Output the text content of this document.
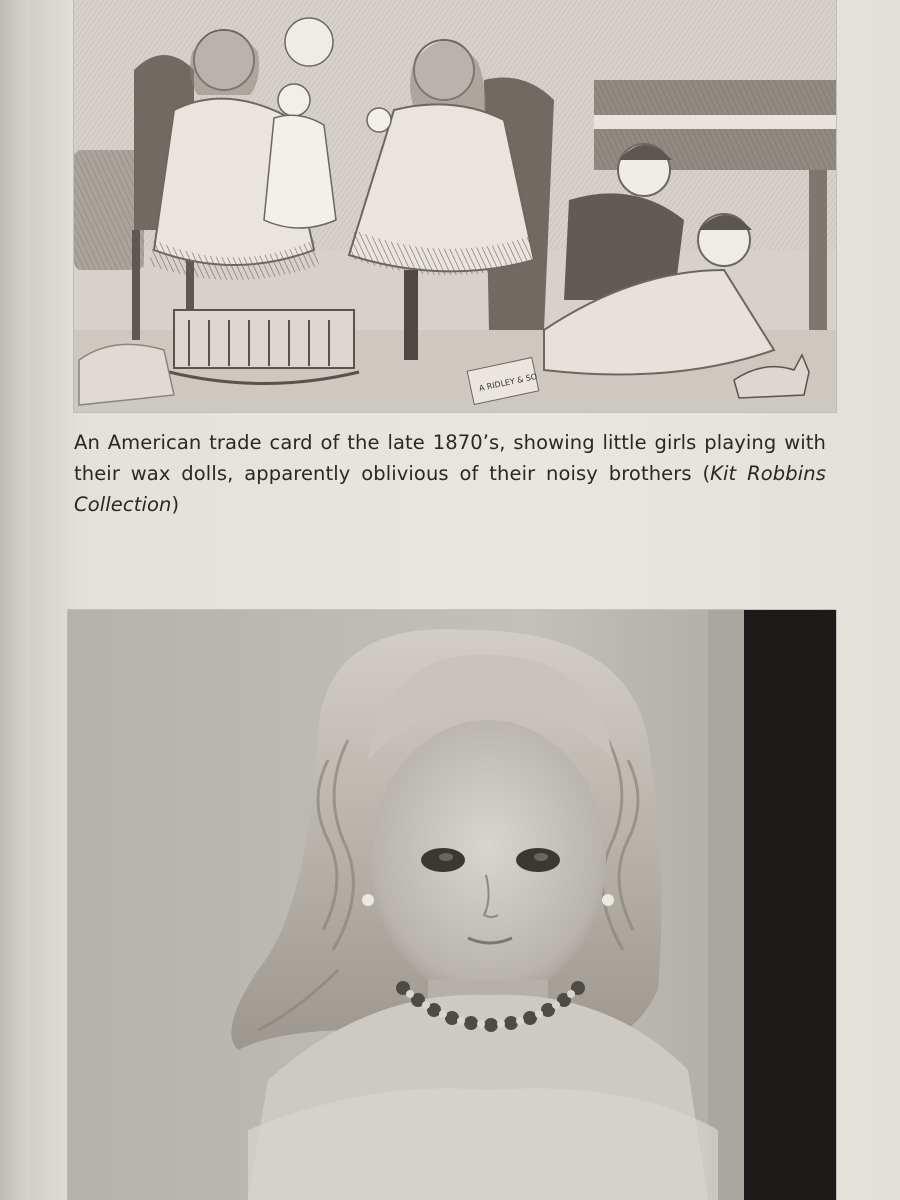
A RIDLEY & SO
An American trade card of the late 1870’s, showing little girls playing with their wax dolls, apparently oblivious of their noisy brothers (Kit Robbins Collection)
